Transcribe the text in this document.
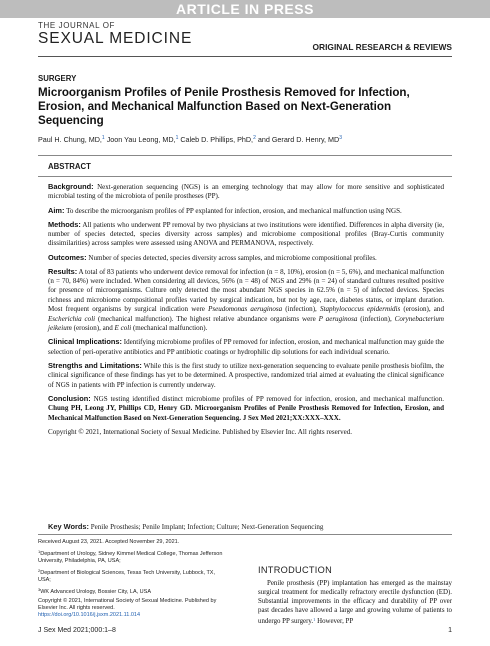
ARTICLE IN PRESS
THE JOURNAL OF
SEXUAL MEDICINE	ORIGINAL RESEARCH & REVIEWS
SURGERY
Microorganism Profiles of Penile Prosthesis Removed for Infection, Erosion, and Mechanical Malfunction Based on Next-Generation Sequencing
Paul H. Chung, MD,$^1$ Joon Yau Leong, MD,$^1$ Caleb D. Phillips, PhD,$^2$ and Gerard D. Henry, $MD^3$
ABSTRACT

Background: Next-generation sequencing (NGS) is an emerging technology that may allow for more sensitive and sophisticated microbial testing of the microbiota of penile prostheses (PP).

Aim: To describe the microorganism profiles of PP explanted for infection, erosion, and mechanical malfunction using NGS.

Methods: All patients who underwent PP removal by two physicians at two institutions were identified. Differences in alpha diversity (ie, number of species detected, species diversity across samples) and microbiome compositional profiles (Bray-Curtis community dissimilarities) across samples were assessed using ANOVA and PERMANOVA, respectively.

Outcomes: Number of species detected, species diversity across samples, and microbiome compositional profiles.

Results: A total of 83 patients who underwent device removal for infection (n = 8, 10%), erosion (n = 5, 6%), and mechanical malfunction (n = 70, 84%) were included. When considering all devices, 56% (n = 48) of NGS and 29% (n = 24) of standard cultures resulted positive for presence of microorganisms. Culture only detected the most abundant NGS species in 62.5% (n = 5) of infected devices. Species richness and microbiome compositional profiles varied by surgical indication, but not by age, race, diabetes status, or implant duration. Most frequent organisms by surgical indication were Pseudomonas aeruginosa (infection), Staphylococcus epidermidis (erosion), and Escherichia coli (mechanical malfunction). The highest relative abundance organisms were P aeruginosa (infection), Corynebacterium jeikeium (erosion), and E coli (mechanical malfunction).

Clinical Implications: Identifying microbiome profiles of PP removed for infection, erosion, and mechanical malfunction may guide the selection of peri-operative antibiotics and PP antibiotic coatings or hydrophilic dip solutions for each individual scenario.

Strengths and Limitations: While this is the first study to utilize next-generation sequencing to evaluate penile prosthesis biofilm, the clinical significance of these findings has yet to be determined. A prospective, randomized trial aimed at evaluating the clinical significance of NGS in patients with PP infection is currently underway.

Conclusion: NGS testing identified distinct microbiome profiles of PP removed for infection, erosion, and mechanical malfunction. Chung PH, Leong JY, Phillips CD, Henry GD. Microorganism Profiles of Penile Prosthesis Removed for Infection, Erosion, and Mechanical Malfunction Based on Next-Generation Sequencing. J Sex Med 2021;XX:XXX–XXX.

Copyright © 2021, International Society of Sexual Medicine. Published by Elsevier Inc. All rights reserved.

Key Words: Penile Prosthesis; Penile Implant; Infection; Culture; Next-Generation Sequencing
Received August 23, 2021. Accepted November 29, 2021.
$^1$Department of Urology, Sidney Kimmel Medical College, Thomas Jefferson University, Philadelphia, PA, USA;
$^2$Department of Biological Sciences, Texas Tech University, Lubbock, TX, USA;
$^3$WK Advanced Urology, Bossier City, LA, USA
Copyright © 2021, International Society of Sexual Medicine. Published by Elsevier Inc. All rights reserved.
https://doi.org/10.1016/j.jsxm.2021.11.014
INTRODUCTION
Penile prosthesis (PP) implantation has emerged as the mainstay surgical treatment for medically refractory erectile dysfunction (ED). Substantial improvements in the efficacy and durability of PP over past decades have allowed a large and growing volume of patients to undergo PP surgery.$^1$ However, PP
J Sex Med 2021;000:1–8	1
